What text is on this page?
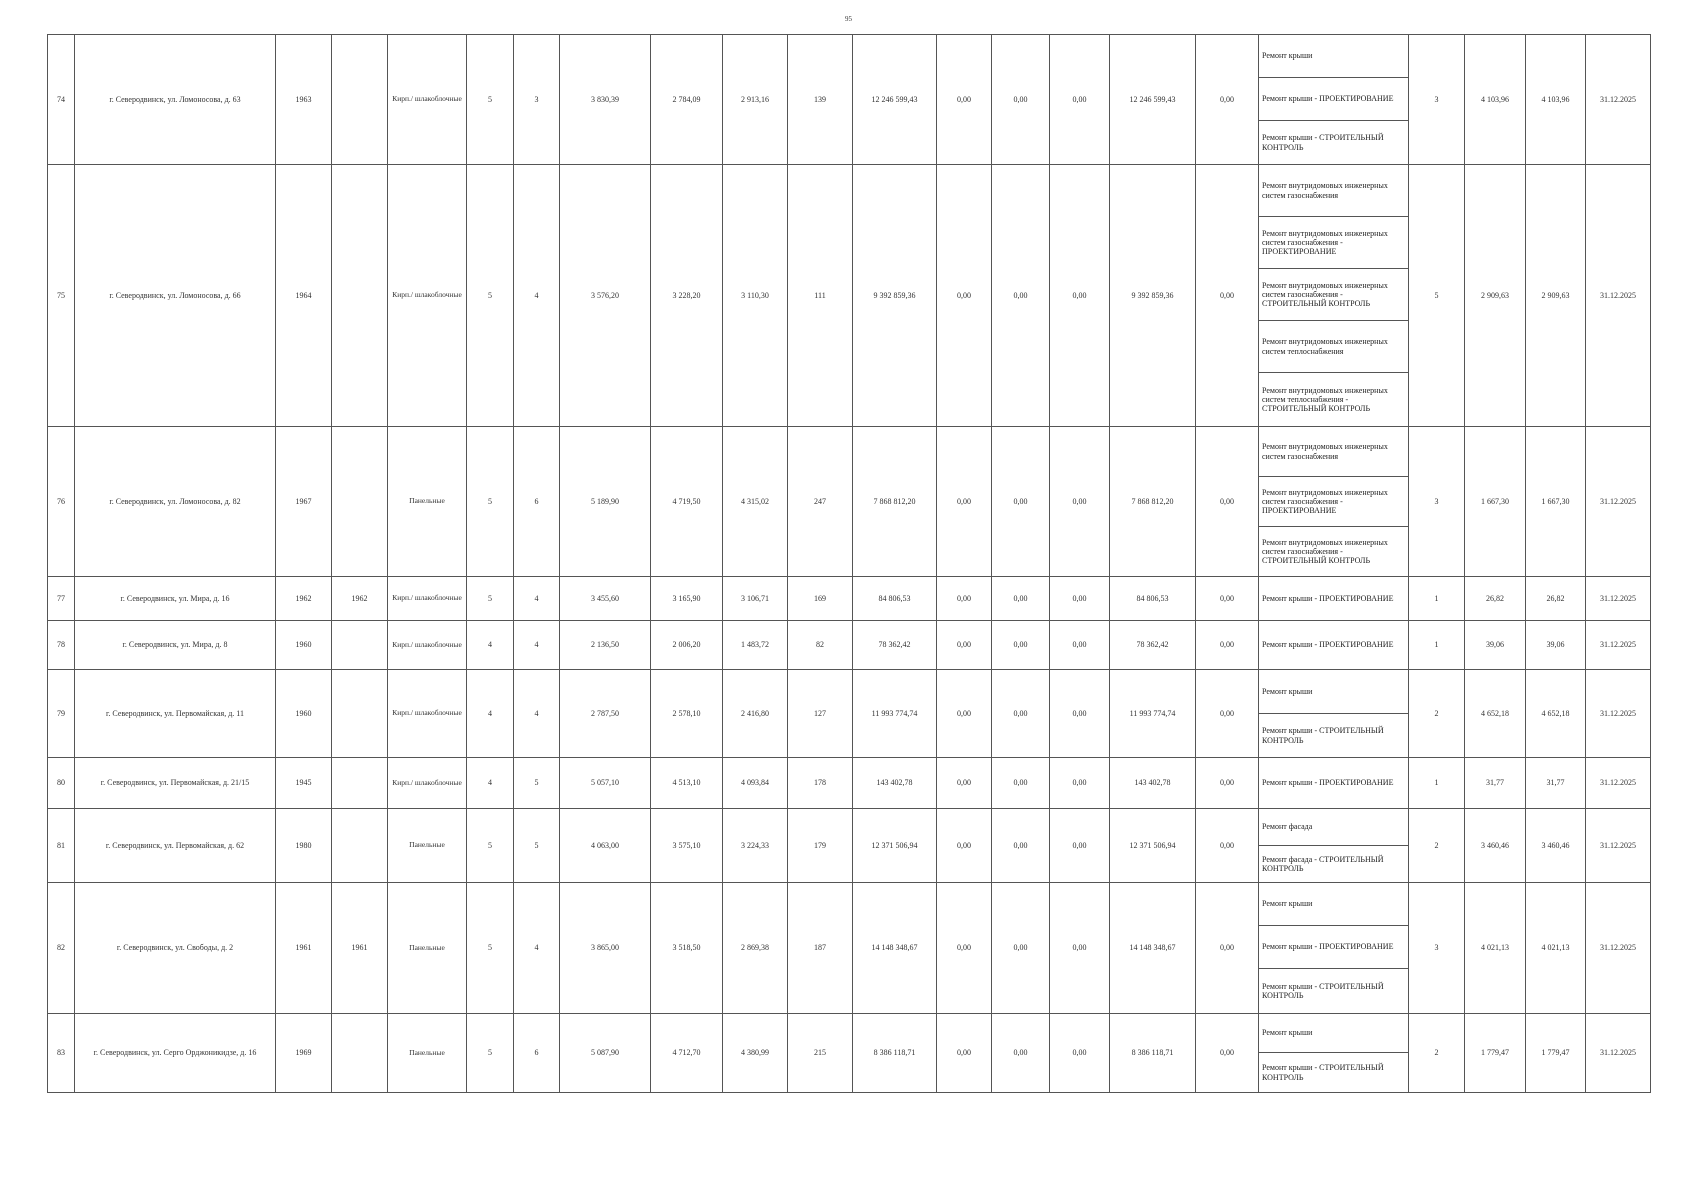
95
74	г. Северодвинск, ул. Ломоносова, д. 63	1963		Кирп./ шлакоблочные	5	3	3 830,39	2 784,09	2 913,16	139	12 246 599,43	0,00	0,00	0,00	12 246 599,43	0,00	Ремонт крыши	3	4 103,96	4 103,96	31.12.2025
																	Ремонт крыши - ПРОЕКТИРОВАНИЕ				
																	Ремонт крыши - СТРОИТЕЛЬНЫЙ КОНТРОЛЬ				
75	г. Северодвинск, ул. Ломоносова, д. 66	1964		Кирп./ шлакоблочные	5	4	3 576,20	3 228,20	3 110,30	111	9 392 859,36	0,00	0,00	0,00	9 392 859,36	0,00	Ремонт внутридомовых инженерных систем газоснабжения	5	2 909,63	2 909,63	31.12.2025
																	Ремонт внутридомовых инженерных систем газоснабжения - ПРОЕКТИРОВАНИЕ				
																	Ремонт внутридомовых инженерных систем газоснабжения - СТРОИТЕЛЬНЫЙ КОНТРОЛЬ				
																	Ремонт внутридомовых инженерных систем теплоснабжения				
																	Ремонт внутридомовых инженерных систем теплоснабжения - СТРОИТЕЛЬНЫЙ КОНТРОЛЬ				
76	г. Северодвинск, ул. Ломоносова, д. 82	1967		Панельные	5	6	5 189,90	4 719,50	4 315,02	247	7 868 812,20	0,00	0,00	0,00	7 868 812,20	0,00	Ремонт внутридомовых инженерных систем газоснабжения	3	1 667,30	1 667,30	31.12.2025
																	Ремонт внутридомовых инженерных систем газоснабжения - ПРОЕКТИРОВАНИЕ				
																	Ремонт внутридомовых инженерных систем газоснабжения - СТРОИТЕЛЬНЫЙ КОНТРОЛЬ				
77	г. Северодвинск, ул. Мира, д. 16	1962	1962	Кирп./ шлакоблочные	5	4	3 455,60	3 165,90	3 106,71	169	84 806,53	0,00	0,00	0,00	84 806,53	0,00	Ремонт крыши - ПРОЕКТИРОВАНИЕ	1	26,82	26,82	31.12.2025
78	г. Северодвинск, ул. Мира, д. 8	1960		Кирп./ шлакоблочные	4	4	2 136,50	2 006,20	1 483,72	82	78 362,42	0,00	0,00	0,00	78 362,42	0,00	Ремонт крыши - ПРОЕКТИРОВАНИЕ	1	39,06	39,06	31.12.2025
79	г. Северодвинск, ул. Первомайская, д. 11	1960		Кирп./ шлакоблочные	4	4	2 787,50	2 578,10	2 416,80	127	11 993 774,74	0,00	0,00	0,00	11 993 774,74	0,00	Ремонт крыши	2	4 652,18	4 652,18	31.12.2025
																	Ремонт крыши - СТРОИТЕЛЬНЫЙ КОНТРОЛЬ				
80	г. Северодвинск, ул. Первомайская, д. 21/15	1945		Кирп./ шлакоблочные	4	5	5 057,10	4 513,10	4 093,84	178	143 402,78	0,00	0,00	0,00	143 402,78	0,00	Ремонт крыши - ПРОЕКТИРОВАНИЕ	1	31,77	31,77	31.12.2025
81	г. Северодвинск, ул. Первомайская, д. 62	1980		Панельные	5	5	4 063,00	3 575,10	3 224,33	179	12 371 506,94	0,00	0,00	0,00	12 371 506,94	0,00	Ремонт фасада	2	3 460,46	3 460,46	31.12.2025
																	Ремонт фасада - СТРОИТЕЛЬНЫЙ КОНТРОЛЬ				
82	г. Северодвинск, ул. Свободы, д. 2	1961	1961	Панельные	5	4	3 865,00	3 518,50	2 869,38	187	14 148 348,67	0,00	0,00	0,00	14 148 348,67	0,00	Ремонт крыши	3	4 021,13	4 021,13	31.12.2025
																	Ремонт крыши - ПРОЕКТИРОВАНИЕ				
																	Ремонт крыши - СТРОИТЕЛЬНЫЙ КОНТРОЛЬ				
83	г. Северодвинск, ул. Серго Орджоникидзе, д. 16	1969		Панельные	5	6	5 087,90	4 712,70	4 380,99	215	8 386 118,71	0,00	0,00	0,00	8 386 118,71	0,00	Ремонт крыши	2	1 779,47	1 779,47	31.12.2025
																	Ремонт крыши - СТРОИТЕЛЬНЫЙ КОНТРОЛЬ				
